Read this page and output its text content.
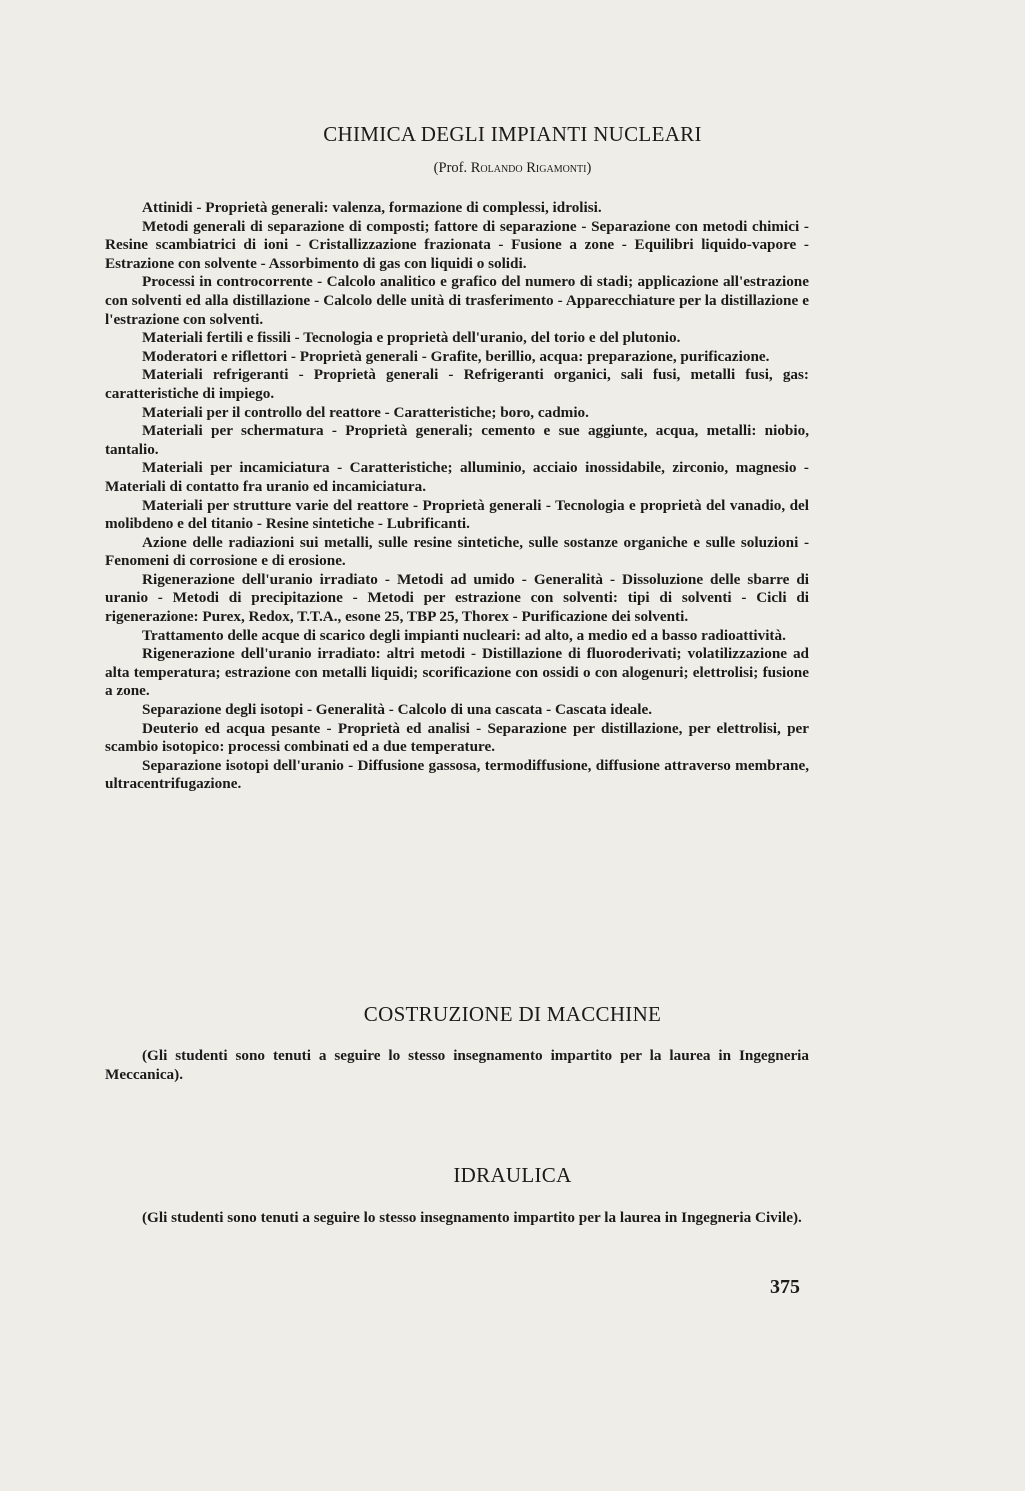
CHIMICA DEGLI IMPIANTI NUCLEARI
(Prof. Rolando Rigamonti)

Attinidi - Proprietà generali: valenza, formazione di complessi, idrolisi.

Metodi generali di separazione di composti; fattore di separazione - Separazione con metodi chimici - Resine scambiatrici di ioni - Cristallizzazione frazionata - Fusione a zone - Equilibri liquido-vapore - Estrazione con solvente - Assorbimento di gas con liquidi o solidi.

Processi in controcorrente - Calcolo analitico e grafico del numero di stadi; applicazione all'estrazione con solventi ed alla distillazione - Calcolo delle unità di trasferimento - Apparecchiature per la distillazione e l'estrazione con solventi.

Materiali fertili e fissili - Tecnologia e proprietà dell'uranio, del torio e del plutonio.

Moderatori e riflettori - Proprietà generali - Grafite, berillio, acqua: preparazione, purificazione.

Materiali refrigeranti - Proprietà generali - Refrigeranti organici, sali fusi, metalli fusi, gas: caratteristiche di impiego.

Materiali per il controllo del reattore - Caratteristiche; boro, cadmio.

Materiali per schermatura - Proprietà generali; cemento e sue aggiunte, acqua, metalli: niobio, tantalio.

Materiali per incamiciatura - Caratteristiche; alluminio, acciaio inossidabile, zirconio, magnesio - Materiali di contatto fra uranio ed incamiciatura.

Materiali per strutture varie del reattore - Proprietà generali - Tecnologia e proprietà del vanadio, del molibdeno e del titanio - Resine sintetiche - Lubrificanti.

Azione delle radiazioni sui metalli, sulle resine sintetiche, sulle sostanze organiche e sulle soluzioni - Fenomeni di corrosione e di erosione.

Rigenerazione dell'uranio irradiato - Metodi ad umido - Generalità - Dissoluzione delle sbarre di uranio - Metodi di precipitazione - Metodi per estrazione con solventi: tipi di solventi - Cicli di rigenerazione: Purex, Redox, T.T.A., esone 25, TBP 25, Thorex - Purificazione dei solventi.

Trattamento delle acque di scarico degli impianti nucleari: ad alto, a medio ed a basso radioattività.

Rigenerazione dell'uranio irradiato: altri metodi - Distillazione di fluoroderivati; volatilizzazione ad alta temperatura; estrazione con metalli liquidi; scorificazione con ossidi o con alogenuri; elettrolisi; fusione a zone.

Separazione degli isotopi - Generalità - Calcolo di una cascata - Cascata ideale.

Deuterio ed acqua pesante - Proprietà ed analisi - Separazione per distillazione, per elettrolisi, per scambio isotopico: processi combinati ed a due temperature.

Separazione isotopi dell'uranio - Diffusione gassosa, termodiffusione, diffusione attraverso membrane, ultracentrifugazione.

COSTRUZIONE DI MACCHINE

(Gli studenti sono tenuti a seguire lo stesso insegnamento impartito per la laurea in Ingegneria Meccanica).

IDRAULICA

(Gli studenti sono tenuti a seguire lo stesso insegnamento impartito per la laurea in Ingegneria Civile).

375
